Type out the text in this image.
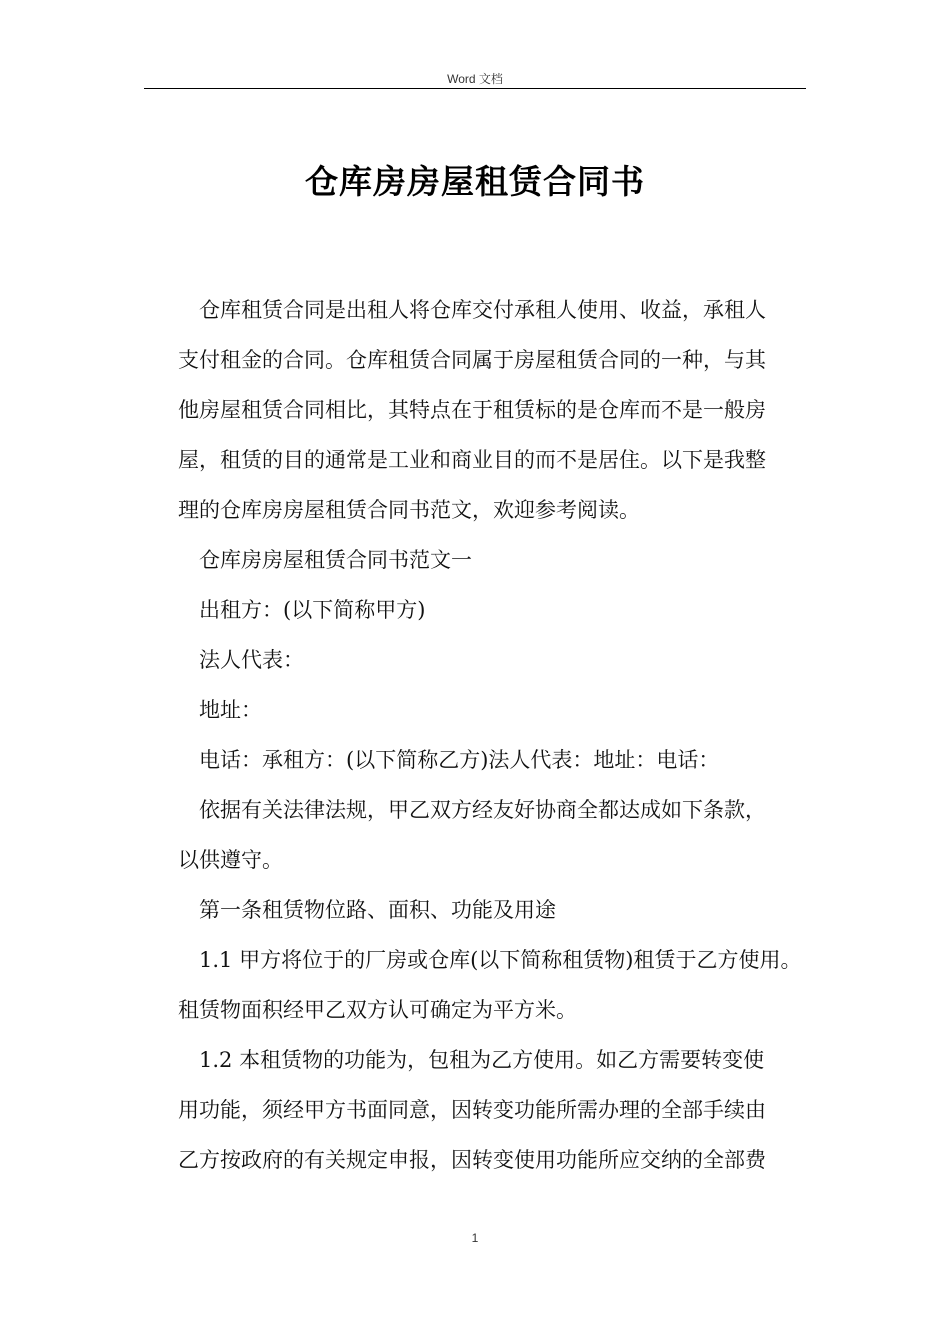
Word 文档
仓库房房屋租赁合同书
仓库租赁合同是出租人将仓库交付承租人使用、收益，承租人
支付租金的合同。仓库租赁合同属于房屋租赁合同的一种，与其
他房屋租赁合同相比，其特点在于租赁标的是仓库而不是一般房
屋，租赁的目的通常是工业和商业目的而不是居住。以下是我整
理的仓库房房屋租赁合同书范文，欢迎参考阅读。
仓库房房屋租赁合同书范文一
出租方：(以下简称甲方)
法人代表：
地址：
电话：承租方：(以下简称乙方)法人代表：地址：电话：
依据有关法律法规，甲乙双方经友好协商全都达成如下条款，
以供遵守。
第一条租赁物位路、面积、功能及用途
1.1 甲方将位于的厂房或仓库(以下简称租赁物)租赁于乙方使用。
租赁物面积经甲乙双方认可确定为平方米。
1.2 本租赁物的功能为，包租为乙方使用。如乙方需要转变使
用功能，须经甲方书面同意，因转变功能所需办理的全部手续由
乙方按政府的有关规定申报，因转变使用功能所应交纳的全部费
1
